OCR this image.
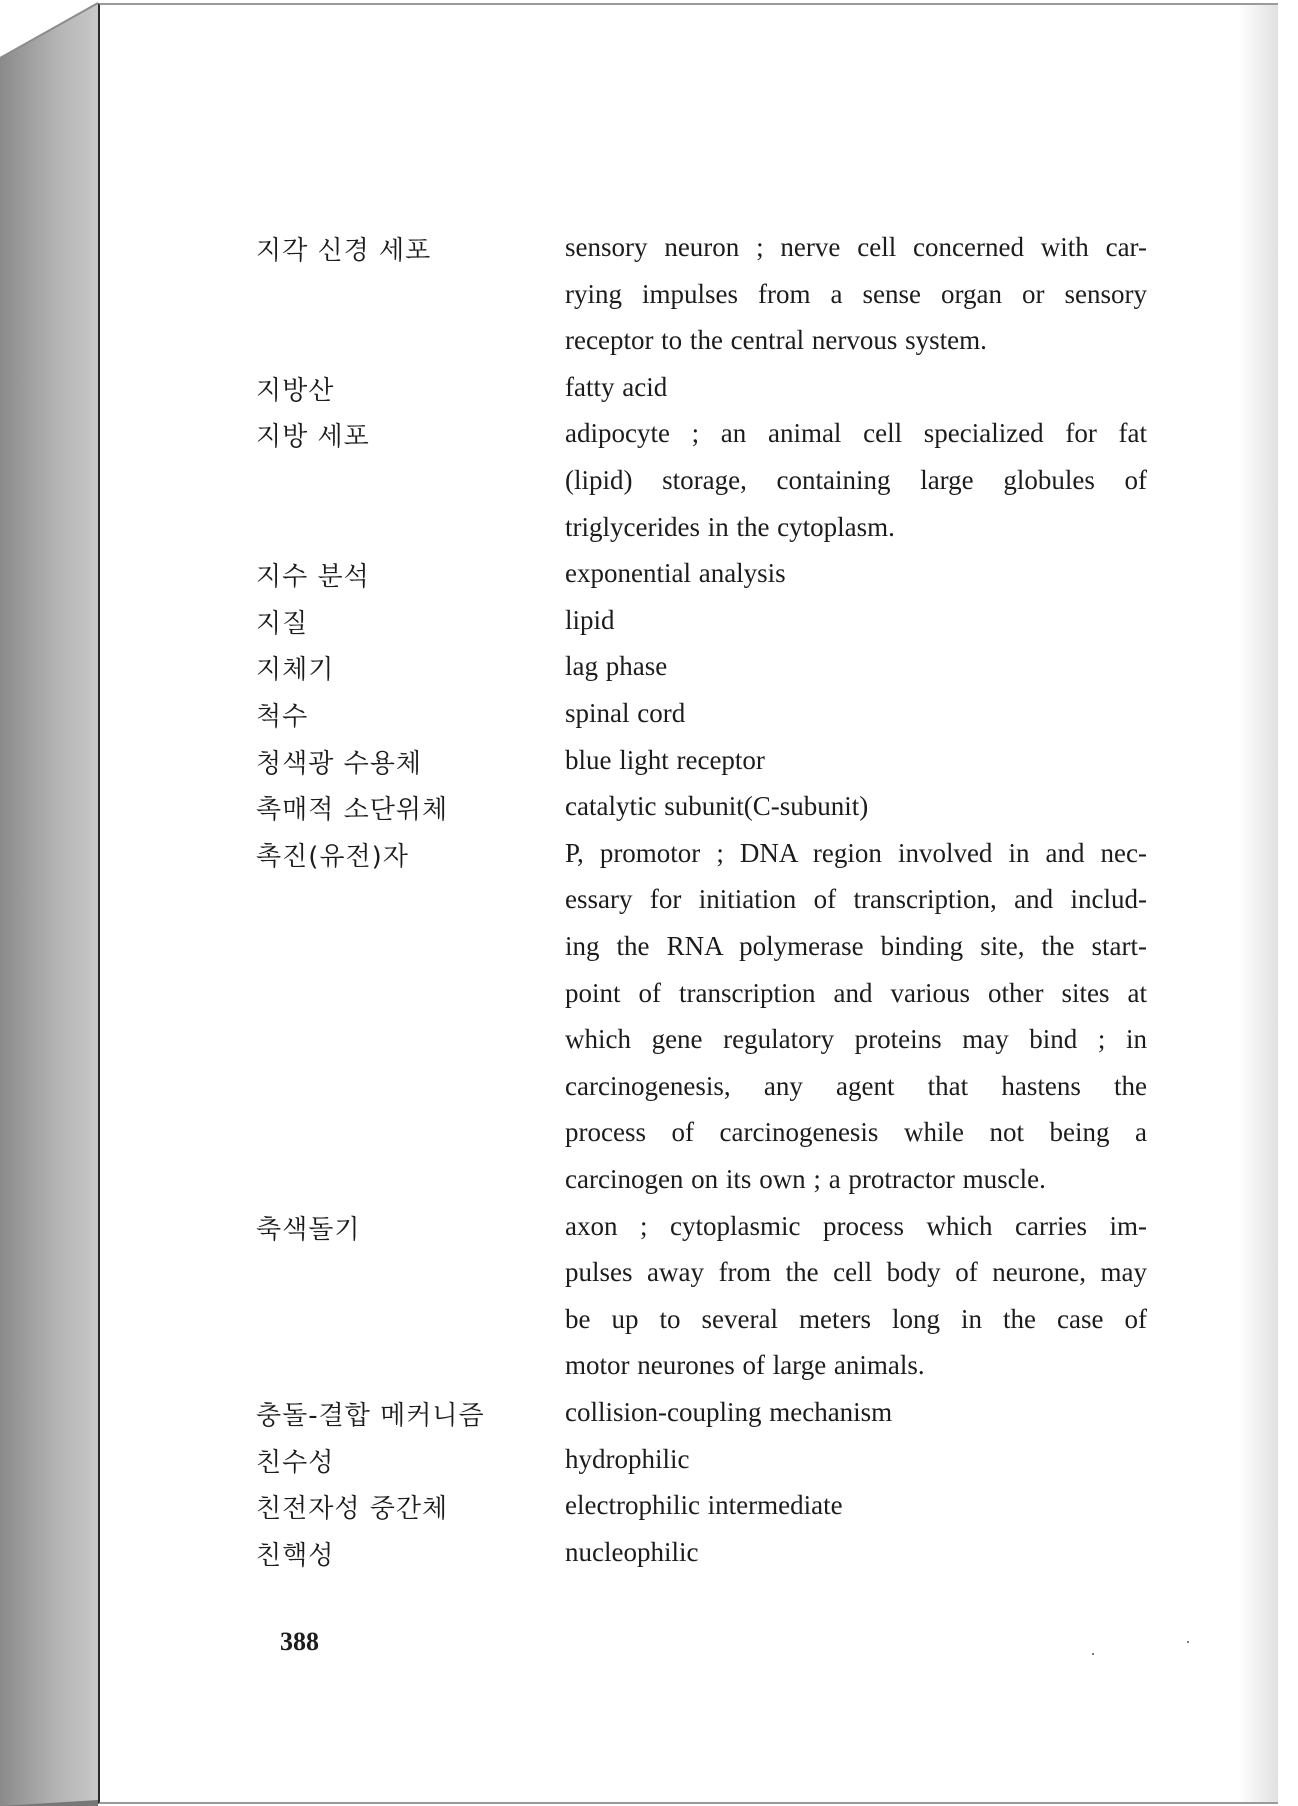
지각 신경 세포	sensory neuron ; nerve cell concerned with car-
rying impulses from a sense organ or sensory
receptor to the central nervous system.
지방산	fatty acid
지방 세포	adipocyte ; an animal cell specialized for fat
(lipid) storage, containing large globules of
triglycerides in the cytoplasm.
지수 분석	exponential analysis
지질	lipid
지체기	lag phase
척수	spinal cord
청색광 수용체	blue light receptor
촉매적 소단위체	catalytic subunit(C-subunit)
촉진(유전)자	P, promotor ; DNA region involved in and nec-
essary for initiation of transcription, and includ-
ing the RNA polymerase binding site, the start-
point of transcription and various other sites at
which gene regulatory proteins may bind ; in
carcinogenesis, any agent that hastens the
process of carcinogenesis while not being a
carcinogen on its own ; a protractor muscle.
축색돌기	axon ; cytoplasmic process which carries im-
pulses away from the cell body of neurone, may
be up to several meters long in the case of
motor neurones of large animals.
충돌-결합 메커니즘	collision-coupling mechanism
친수성	hydrophilic
친전자성 중간체	electrophilic intermediate
친핵성	nucleophilic
388
